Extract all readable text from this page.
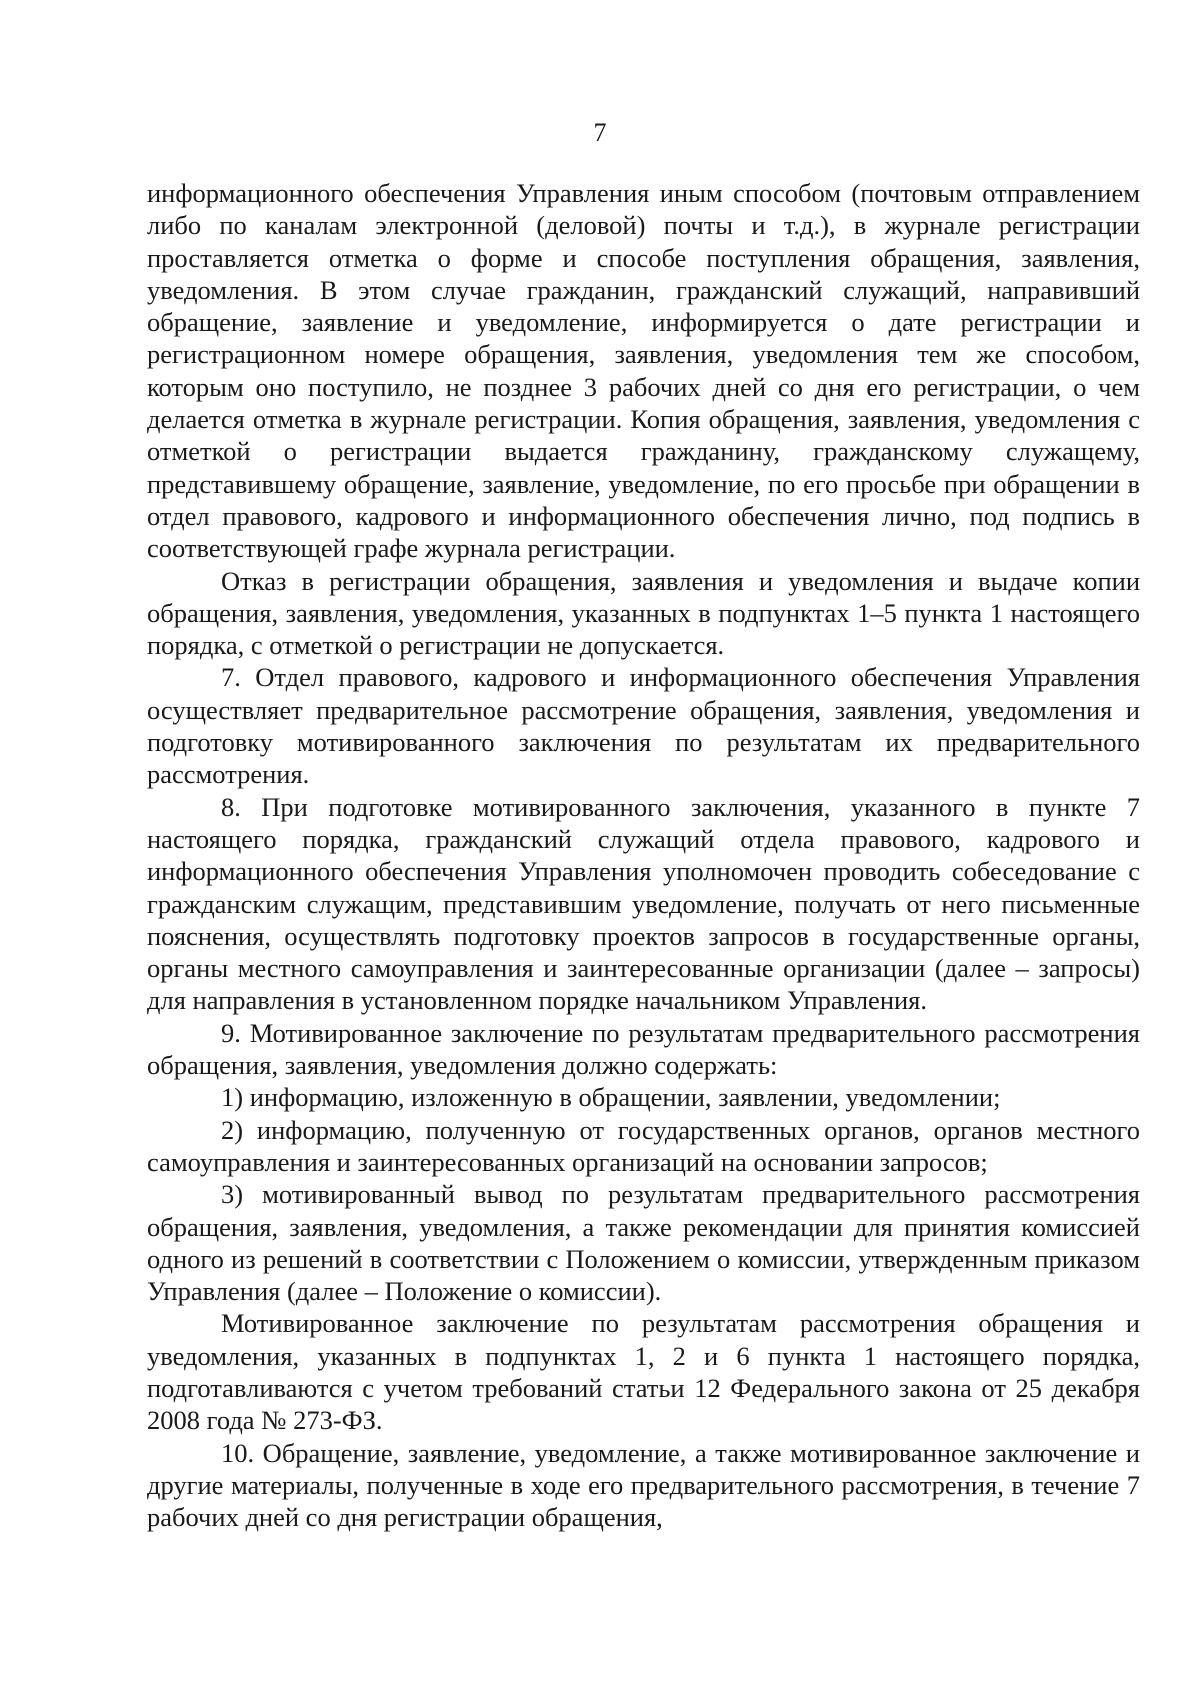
7

информационного обеспечения Управления иным способом (почтовым отправлением либо по каналам электронной (деловой) почты и т.д.), в журнале регистрации проставляется отметка о форме и способе поступления обращения, заявления, уведомления. В этом случае гражданин, гражданский служащий, направивший обращение, заявление и уведомление, информируется о дате регистрации и регистрационном номере обращения, заявления, уведомления тем же способом, которым оно поступило, не позднее 3 рабочих дней со дня его регистрации, о чем делается отметка в журнале регистрации. Копия обращения, заявления, уведомления с отметкой о регистрации выдается гражданину, гражданскому служащему, представившему обращение, заявление, уведомление, по его просьбе при обращении в отдел правового, кадрового и информационного обеспечения лично, под подпись в соответствующей графе журнала регистрации.

Отказ в регистрации обращения, заявления и уведомления и выдаче копии обращения, заявления, уведомления, указанных в подпунктах 1–5 пункта 1 настоящего порядка, с отметкой о регистрации не допускается.

7. Отдел правового, кадрового и информационного обеспечения Управления осуществляет предварительное рассмотрение обращения, заявления, уведомления и подготовку мотивированного заключения по результатам их предварительного рассмотрения.

8. При подготовке мотивированного заключения, указанного в пункте 7 настоящего порядка, гражданский служащий отдела правового, кадрового и информационного обеспечения Управления уполномочен проводить собеседование с гражданским служащим, представившим уведомление, получать от него письменные пояснения, осуществлять подготовку проектов запросов в государственные органы, органы местного самоуправления и заинтересованные организации (далее – запросы) для направления в установленном порядке начальником Управления.

9. Мотивированное заключение по результатам предварительного рассмотрения обращения, заявления, уведомления должно содержать:

1) информацию, изложенную в обращении, заявлении, уведомлении;

2) информацию, полученную от государственных органов, органов местного самоуправления и заинтересованных организаций на основании запросов;

3) мотивированный вывод по результатам предварительного рассмотрения обращения, заявления, уведомления, а также рекомендации для принятия комиссией одного из решений в соответствии с Положением о комиссии, утвержденным приказом Управления (далее – Положение о комиссии).

Мотивированное заключение по результатам рассмотрения обращения и уведомления, указанных в подпунктах 1, 2 и 6 пункта 1 настоящего порядка, подготавливаются с учетом требований статьи 12 Федерального закона от 25 декабря 2008 года № 273-ФЗ.

10. Обращение, заявление, уведомление, а также мотивированное заключение и другие материалы, полученные в ходе его предварительного рассмотрения, в течение 7 рабочих дней со дня регистрации обращения,
